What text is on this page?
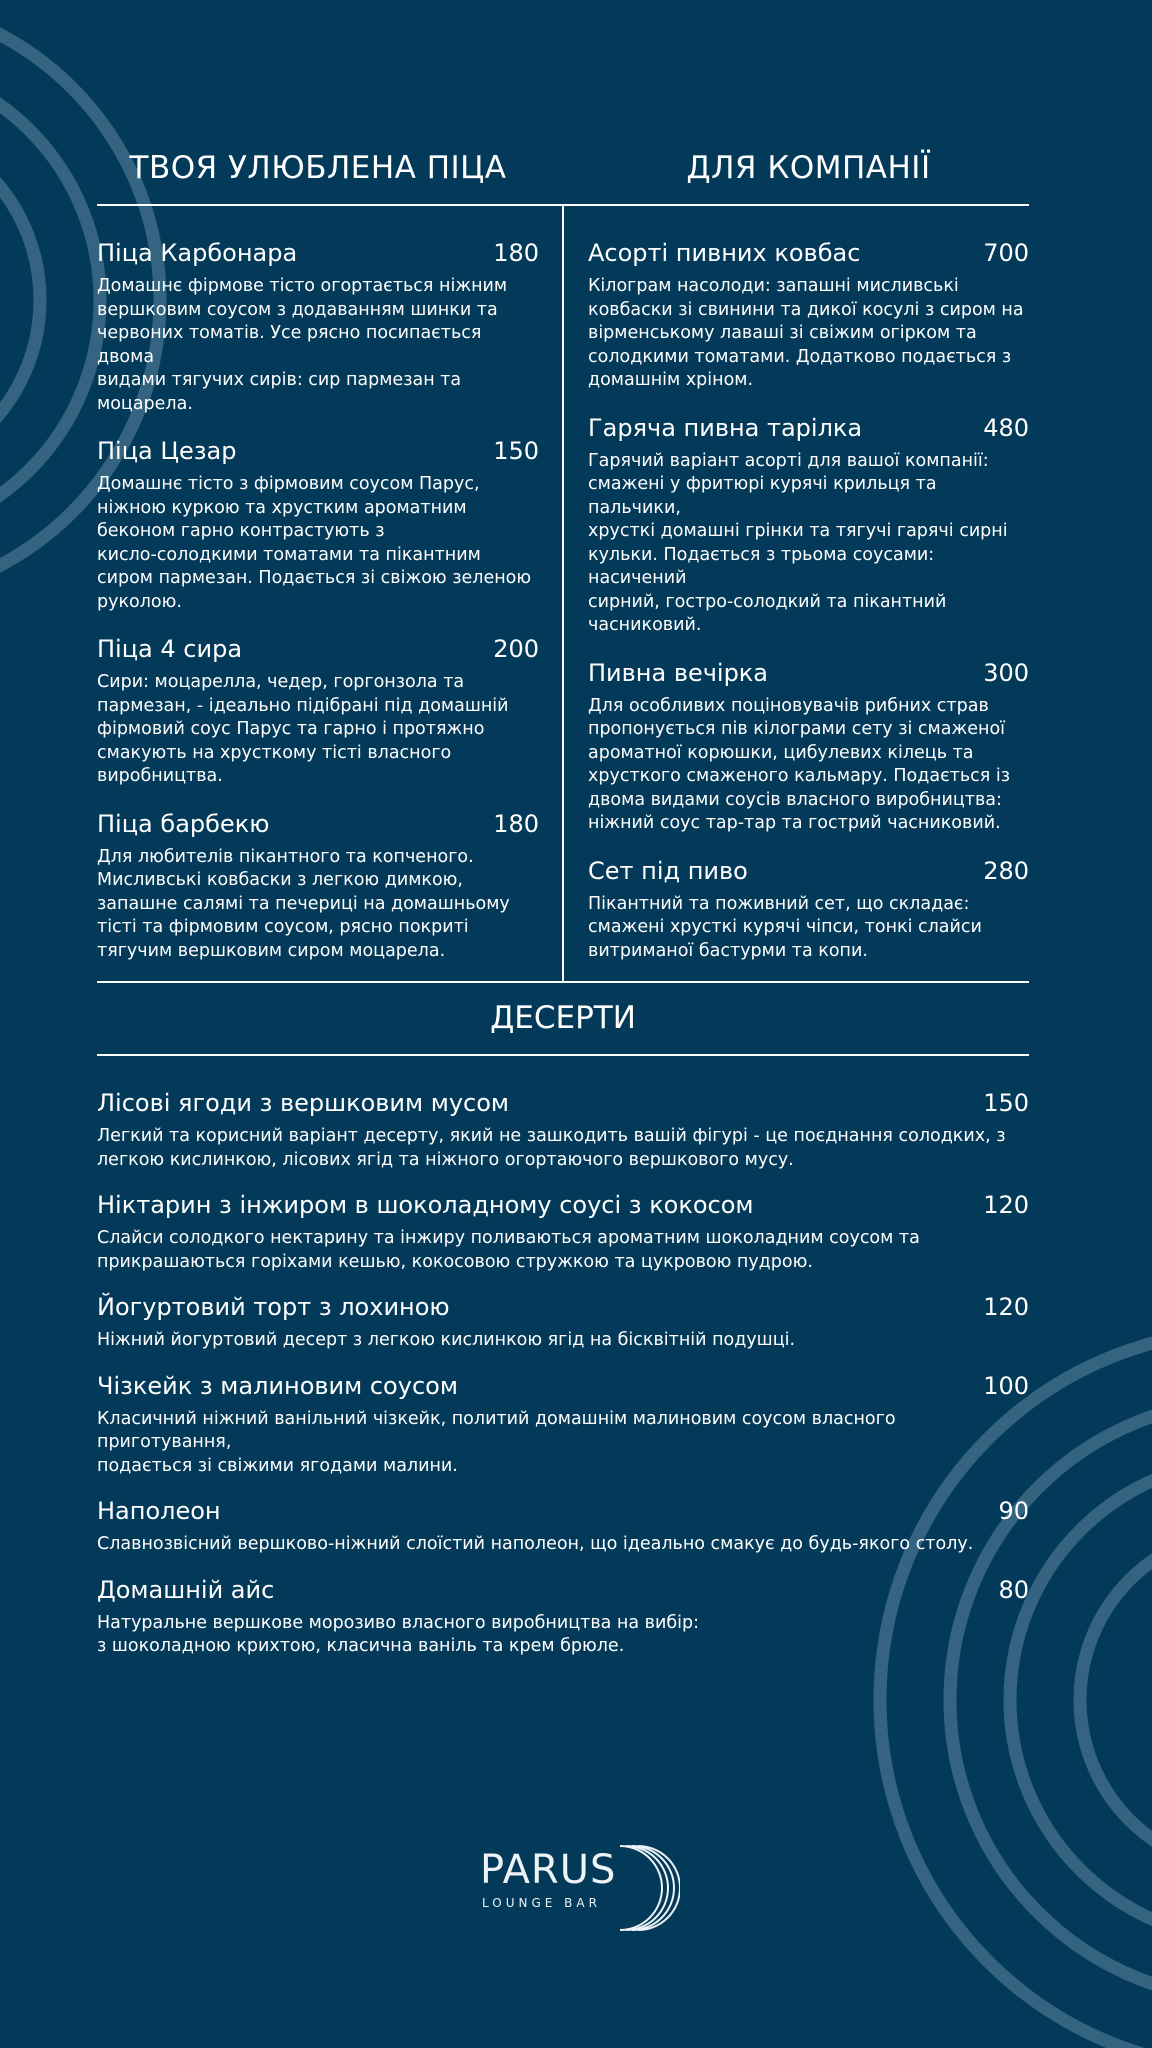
ТВОЯ УЛЮБЛЕНА ПІЦА	ДЛЯ КОМПАНІЇ
Піца Карбонара	180
Домашнє фірмове тісто огортається ніжним
вершковим соусом з додаванням шинки та
червоних томатів. Усе рясно посипається двома
видами тягучих сирів: сир пармезан та
моцарела.
Піца Цезар	150
Домашнє тісто з фірмовим соусом Парус,
ніжною куркою та хрустким ароматним
беконом гарно контрастують з
кисло-солодкими томатами та пікантним
сиром пармезан. Подається зі свіжою зеленою
руколою.
Піца 4 сира	200
Сири: моцарелла, чедер, горгонзола та
пармезан, - ідеально підібрані під домашній
фірмовий соус Парус та гарно і протяжно
смакують на хрусткому тісті власного
виробництва.
Піца барбекю	180
Для любителів пікантного та копченого.
Мисливські ковбаски з легкою димкою,
запашне салямі та печериці на домашньому
тісті та фірмовим соусом, рясно покриті
тягучим вершковим сиром моцарела.
Асорті пивних ковбас	700
Кілограм насолоди: запашні мисливські
ковбаски зі свинини та дикої косулі з сиром на
вірменському лаваші зі свіжим огірком та
солодкими томатами. Додатково подається з
домашнім хріном.
Гаряча пивна тарілка	480
Гарячий варіант асорті для вашої компанії:
смажені у фритюрі курячі крильця та пальчики,
хрусткі домашні грінки та тягучі гарячі сирні
кульки. Подається з трьома соусами: насичений
сирний, гостро-солодкий та пікантний
часниковий.
Пивна вечірка	300
Для особливих поціновувачів рибних страв
пропонується пів кілограми сету зі смаженої
ароматної корюшки, цибулевих кілець та
хрусткого смаженого кальмару. Подається із
двома видами соусів власного виробництва:
ніжний соус тар-тар та гострий часниковий.
Сет під пиво	280
Пікантний та поживний сет, що складає:
смажені хрусткі курячі чіпси, тонкі слайси
витриманої бастурми та копи.
ДЕСЕРТИ
Лісові ягоди з вершковим мусом	150
Легкий та корисний варіант десерту, який не зашкодить вашій фігурі - це поєднання солодких, з
легкою кислинкою, лісових ягід та ніжного огортаючого вершкового мусу.
Ніктарин з інжиром в шоколадному соусі з кокосом	120
Слайси солодкого нектарину та інжиру поливаються ароматним шоколадним соусом та
прикрашаються горіхами кешью, кокосовою стружкою та цукровою пудрою.
Йогуртовий торт з лохиною	120
Ніжний йогуртовий десерт з легкою кислинкою ягід на бісквітній подушці.
Чізкейк з малиновим соусом	100
Класичний ніжний ванільний чізкейк, политий домашнім малиновим соусом власного приготування,
подається зі свіжими ягодами малини.
Наполеон	90
Славнозвісний вершково-ніжний слоїстий наполеон, що ідеально смакує до будь-якого столу.
Домашній айс	80
Натуральне вершкове морозиво власного виробництва на вибір:
з шоколадною крихтою, класична ваніль та крем брюле.
PARUS
LOUNGE BAR
